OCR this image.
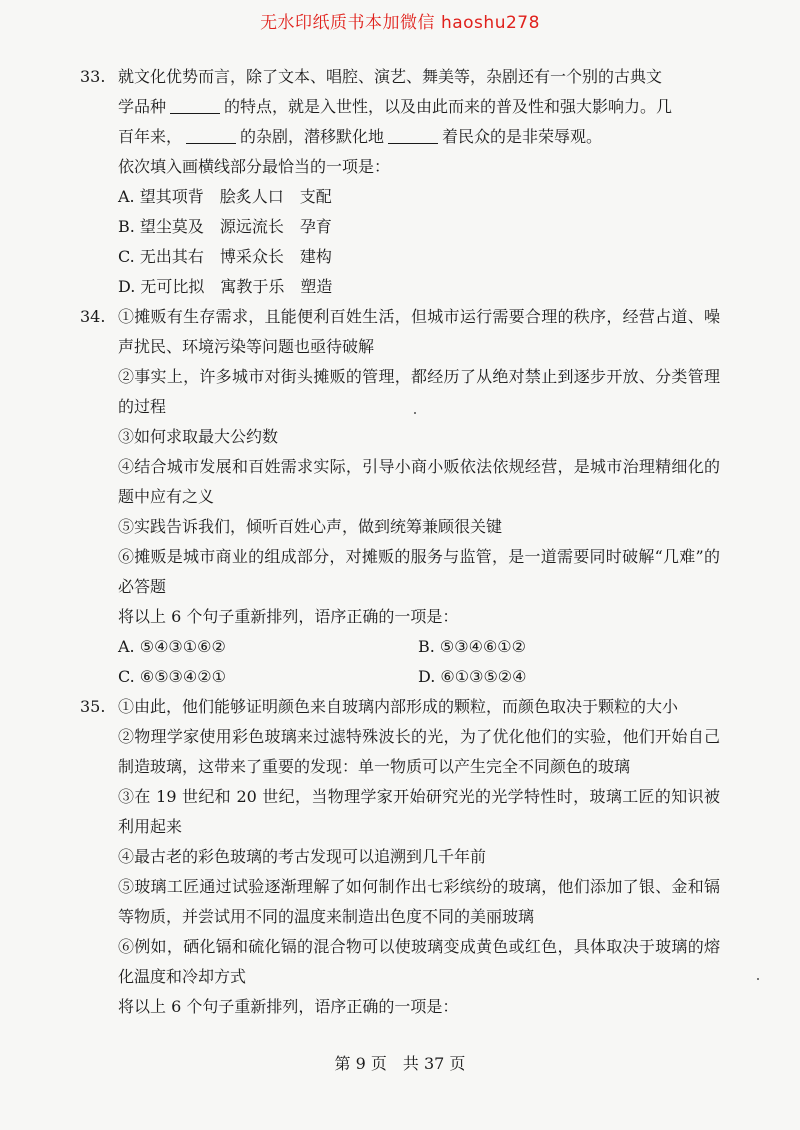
无水印纸质书本加微信 haoshu278
33. 就文化优势而言，除了文本、唱腔、演艺、舞美等，杂剧还有一个别的古典文
学品种	的特点，就是入世性，以及由此而来的普及性和强大影响力。几
百年来，	的杂剧，潜移默化地	着民众的是非荣辱观。
依次填入画横线部分最恰当的一项是：
A. 望其项背　脍炙人口　支配
B. 望尘莫及　源远流长　孕育
C. 无出其右　博采众长　建构
D. 无可比拟　寓教于乐　塑造
34. ①摊贩有生存需求，且能便利百姓生活，但城市运行需要合理的秩序，经营占道、噪声扰民、环境污染等问题也亟待破解
②事实上，许多城市对街头摊贩的管理，都经历了从绝对禁止到逐步开放、分类管理的过程
③如何求取最大公约数
④结合城市发展和百姓需求实际，引导小商小贩依法依规经营，是城市治理精细化的题中应有之义
⑤实践告诉我们，倾听百姓心声，做到统筹兼顾很关键
⑥摊贩是城市商业的组成部分，对摊贩的服务与监管，是一道需要同时破解“几难”的必答题
将以上 6 个句子重新排列，语序正确的一项是：
A. ⑤④③①⑥②	B. ⑤③④⑥①②
C. ⑥⑤③④②①	D. ⑥①③⑤②④
35. ①由此，他们能够证明颜色来自玻璃内部形成的颗粒，而颜色取决于颗粒的大小
②物理学家使用彩色玻璃来过滤特殊波长的光，为了优化他们的实验，他们开始自己制造玻璃，这带来了重要的发现：单一物质可以产生完全不同颜色的玻璃
③在 19 世纪和 20 世纪，当物理学家开始研究光的光学特性时，玻璃工匠的知识被利用起来
④最古老的彩色玻璃的考古发现可以追溯到几千年前
⑤玻璃工匠通过试验逐渐理解了如何制作出七彩缤纷的玻璃，他们添加了银、金和镉等物质，并尝试用不同的温度来制造出色度不同的美丽玻璃
⑥例如，硒化镉和硫化镉的混合物可以使玻璃变成黄色或红色，具体取决于玻璃的熔化温度和冷却方式
将以上 6 个句子重新排列，语序正确的一项是：
第 9 页　共 37 页
